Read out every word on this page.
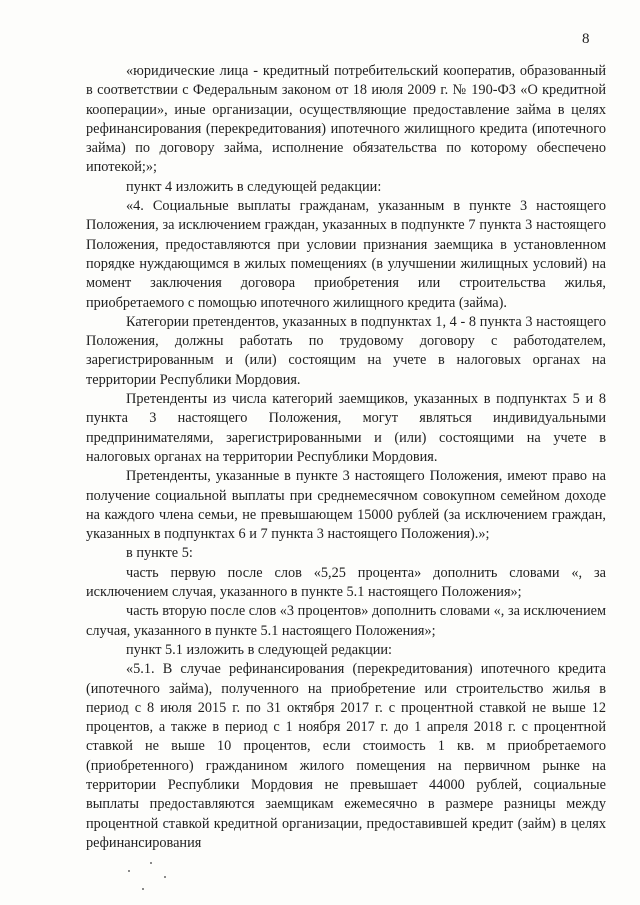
8

«юридические лица - кредитный потребительский кооператив, образованный в соответствии с Федеральным законом от 18 июля 2009 г. № 190-ФЗ «О кредитной кооперации», иные организации, осуществляющие предоставление займа в целях рефинансирования (перекредитования) ипотечного жилищного кредита (ипотечного займа) по договору займа, исполнение обязательства по которому обеспечено ипотекой;»;

пункт 4 изложить в следующей редакции:

«4. Социальные выплаты гражданам, указанным в пункте 3 настоящего Положения, за исключением граждан, указанных в подпункте 7 пункта 3 настоящего Положения, предоставляются при условии признания заемщика в установленном порядке нуждающимся в жилых помещениях (в улучшении жилищных условий) на момент заключения договора приобретения или строительства жилья, приобретаемого с помощью ипотечного жилищного кредита (займа).

Категории претендентов, указанных в подпунктах 1, 4 - 8 пункта 3 настоящего Положения, должны работать по трудовому договору с работодателем, зарегистрированным и (или) состоящим на учете в налоговых органах на территории Республики Мордовия.

Претенденты из числа категорий заемщиков, указанных в подпунктах 5 и 8 пункта 3 настоящего Положения, могут являться индивидуальными предпринимателями, зарегистрированными и (или) состоящими на учете в налоговых органах на территории Республики Мордовия.

Претенденты, указанные в пункте 3 настоящего Положения, имеют право на получение социальной выплаты при среднемесячном совокупном семейном доходе на каждого члена семьи, не превышающем 15000 рублей (за исключением граждан, указанных в подпунктах 6 и 7 пункта 3 настоящего Положения).»;

в пункте 5:

часть первую после слов «5,25 процента» дополнить словами «, за исключением случая, указанного в пункте 5.1 настоящего Положения»;

часть вторую после слов «3 процентов» дополнить словами «, за исключением случая, указанного в пункте 5.1 настоящего Положения»;

пункт 5.1 изложить в следующей редакции:

«5.1. В случае рефинансирования (перекредитования) ипотечного кредита (ипотечного займа), полученного на приобретение или строительство жилья в период с 8 июля 2015 г. по 31 октября 2017 г. с процентной ставкой не выше 12 процентов, а также в период с 1 ноября 2017 г. до 1 апреля 2018 г. с процентной ставкой не выше 10 процентов, если стоимость 1 кв. м приобретаемого (приобретенного) гражданином жилого помещения на первичном рынке на территории Республики Мордовия не превышает 44000 рублей, социальные выплаты предоставляются заемщикам ежемесячно в размере разницы между процентной ставкой кредитной организации, предоставившей кредит (займ) в целях рефинансирования
